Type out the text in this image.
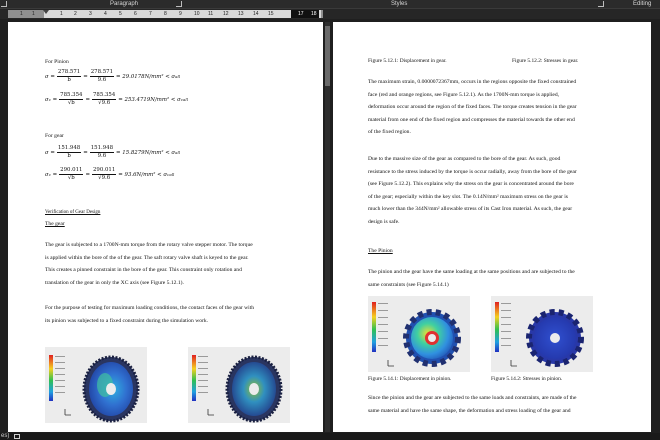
Paragraph	Styles	Editing
1 1	1 2 3 4 5 6 7 8 9 10 11 12 13 14 15	17 18
For Pinion
$\sigma = \frac{278.571}{b} = \frac{278.571}{9.6} = 29.0178N/mm^2 < \sigma$ all
σ $c = \frac{785.354}{√b} = \frac{785.354}{√9.6} = 253.4719N/mm^2 < \sigma$ call
For gear
$\sigma = \frac{151.948}{b} = \frac{151.948}{9.6} = 15.8279N/mm^2 < \sigma$ all
σ $c = \frac{290.011}{√b} = \frac{290.011}{√9.6} = 93.6N/mm^2 < \sigma$ call
Verification of Gear Design
The gear
The gear is subjected to a 1700N-mm torque from the rotary valve stepper motor. The torque
is applied within the bore of the of the gear. The saft rotary valve shaft is keyed to the gear.
This creates a pinned constraint in the bore of the gear. This constraint only rotation and
translation of the gear in only the XC axis (see Figure 5.12.1).
For the purpose of testing for maximum loading conditions, the contact faces of the gear with
its pinion was subjected to a fixed constraint during the simulation work.
Figure 5.12.1: Displacement in gear.	Figure 5.12.2: Stresses in gear.
The maximum strain, 0.0000072367mm, occurs in the regions opposite the fixed constrained
face (red and orange regions, see Figure 5.12.1). As the 1700N-mm torque is applied,
deformation occur around the region of the fixed faces. The torque creates tension in the gear
material from one end of the fixed region and compresses the material towards the other end
of the fixed region.
Due to the massive size of the gear as compared to the bore of the gear. As such, good
resistance to the stress induced by the torque is occur radially, away from the bore of the gear
(see Figure 5.12.2). This explains why the stress on the gear is concentrated around the bore
of the gear; especially within the key slot. The 0.14N/mm² maximum stress on the gear is
much lower than the 344N/mm² allowable stress of its Cast Iron material. As such, the gear
design is safe.
The Pinion
The pinion and the gear have the same loading at the same positions and are subjected to the
same constraints (see Figure 5.14.1)
Figure 5.14.1: Displacement in pinion.	Figure 5.14.2: Stresses in pinion.
Since the pinion and the gear are subjected to the same loads and constraints, are made of the
same material and have the same shape, the deformation and stress loading of the gear and
es)
